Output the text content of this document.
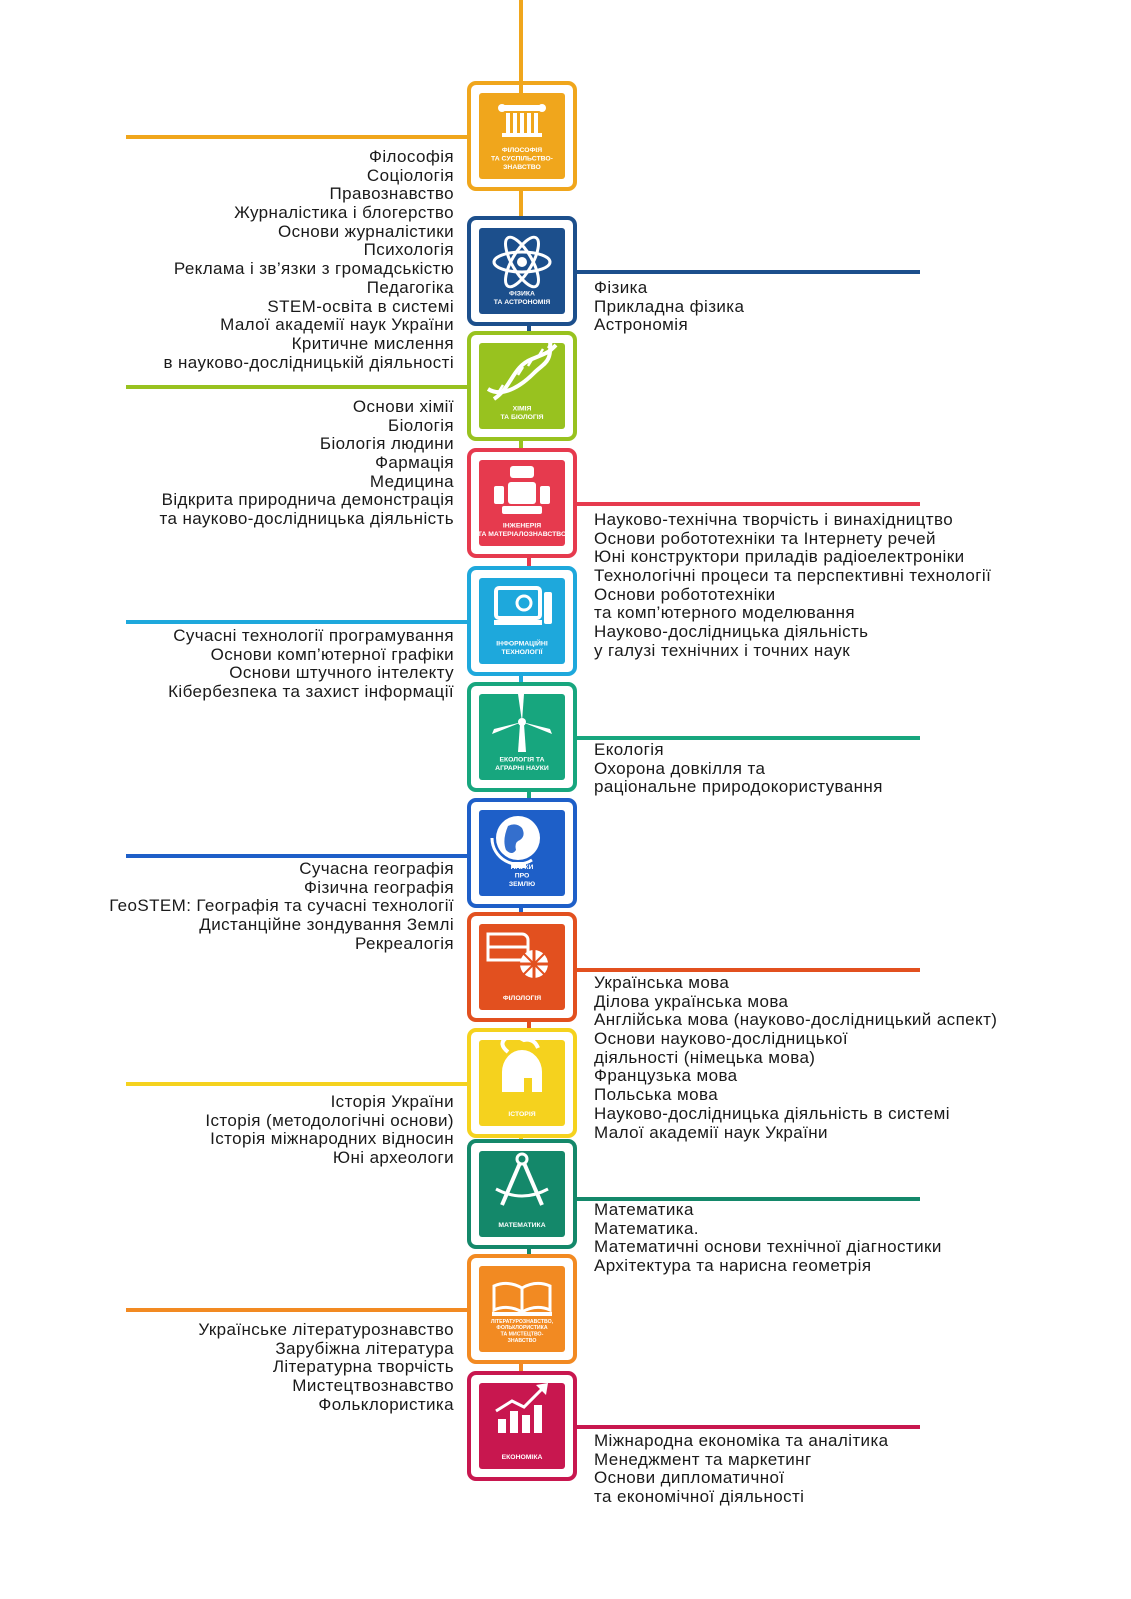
ФІЛОСОФІЯ
ТА СУСПІЛЬСТВО-
ЗНАВСТВО
ФІЗИКА
ТА АСТРОНОМІЯ
ХІМІЯ
ТА БІОЛОГІЯ
ІНЖЕНЕРІЯ
ТА МАТЕРІАЛОЗНАВСТВО
ІНФОРМАЦІЙНІ
ТЕХНОЛОГІЇ
ЕКОЛОГІЯ ТА
АГРАРНІ НАУКИ
НАУКИ
ПРО
ЗЕМЛЮ
ФІЛОЛОГІЯ
ІСТОРІЯ
МАТЕМАТИКА
ЛІТЕРАТУРОЗНАВСТВО,
ФОЛЬКЛОРИСТИКА
ТА МИСТЕЦТВО-
ЗНАВСТВО
ЕКОНОМІКА
Філософія
Соціологія
Правознавство
Журналістика і блогерство
Основи журналістики
Психологія
Реклама і зв’язки з громадськістю
Педагогіка
STEM-освіта в системі
Малої академії наук України
Критичне мислення
в науково-дослідницькій діяльності
Фізика
Прикладна фізика
Астрономія
Основи хімії
Біологія
Біологія людини
Фармація
Медицина
Відкрита природнича демонстрація
та науково-дослідницька діяльність	Науково-технічна творчість і винахідництво
Основи робототехніки та Інтернету речей
Юні конструктори приладів радіоелектроніки
Технологічні процеси та перспективні технології
Основи робототехніки
та комп’ютерного моделювання
Науково-дослідницька діяльність
у галузі технічних і точних наук
Сучасні технології програмування
Основи комп’ютерної графіки
Основи штучного інтелекту
Кібербезпека та захист інформації
Екологія
Охорона довкілля та
раціональне природокористування
Сучасна географія
Фізична географія
ГеоSTEM: Географія та сучасні технології
Дистанційне зондування Землі
Рекреалогія
Українська мова
Ділова українська мова
Англійська мова (науково-дослідницький аспект)
Основи науково-дослідницької
діяльності (німецька мова)
Французька мова
Польська мова
Науково-дослідницька діяльність в системі
Малої академії наук України
Історія України
Історія (методологічні основи)
Історія міжнародних відносин
Юні археологи
Математика
Математика.
Математичні основи технічної діагностики
Архітектура та нарисна геометрія
Українське літературознавство
Зарубіжна література
Літературна творчість
Мистецтвознавство
Фольклористика
Міжнародна економіка та аналітика
Менеджмент та маркетинг
Основи дипломатичної
та економічної діяльності
